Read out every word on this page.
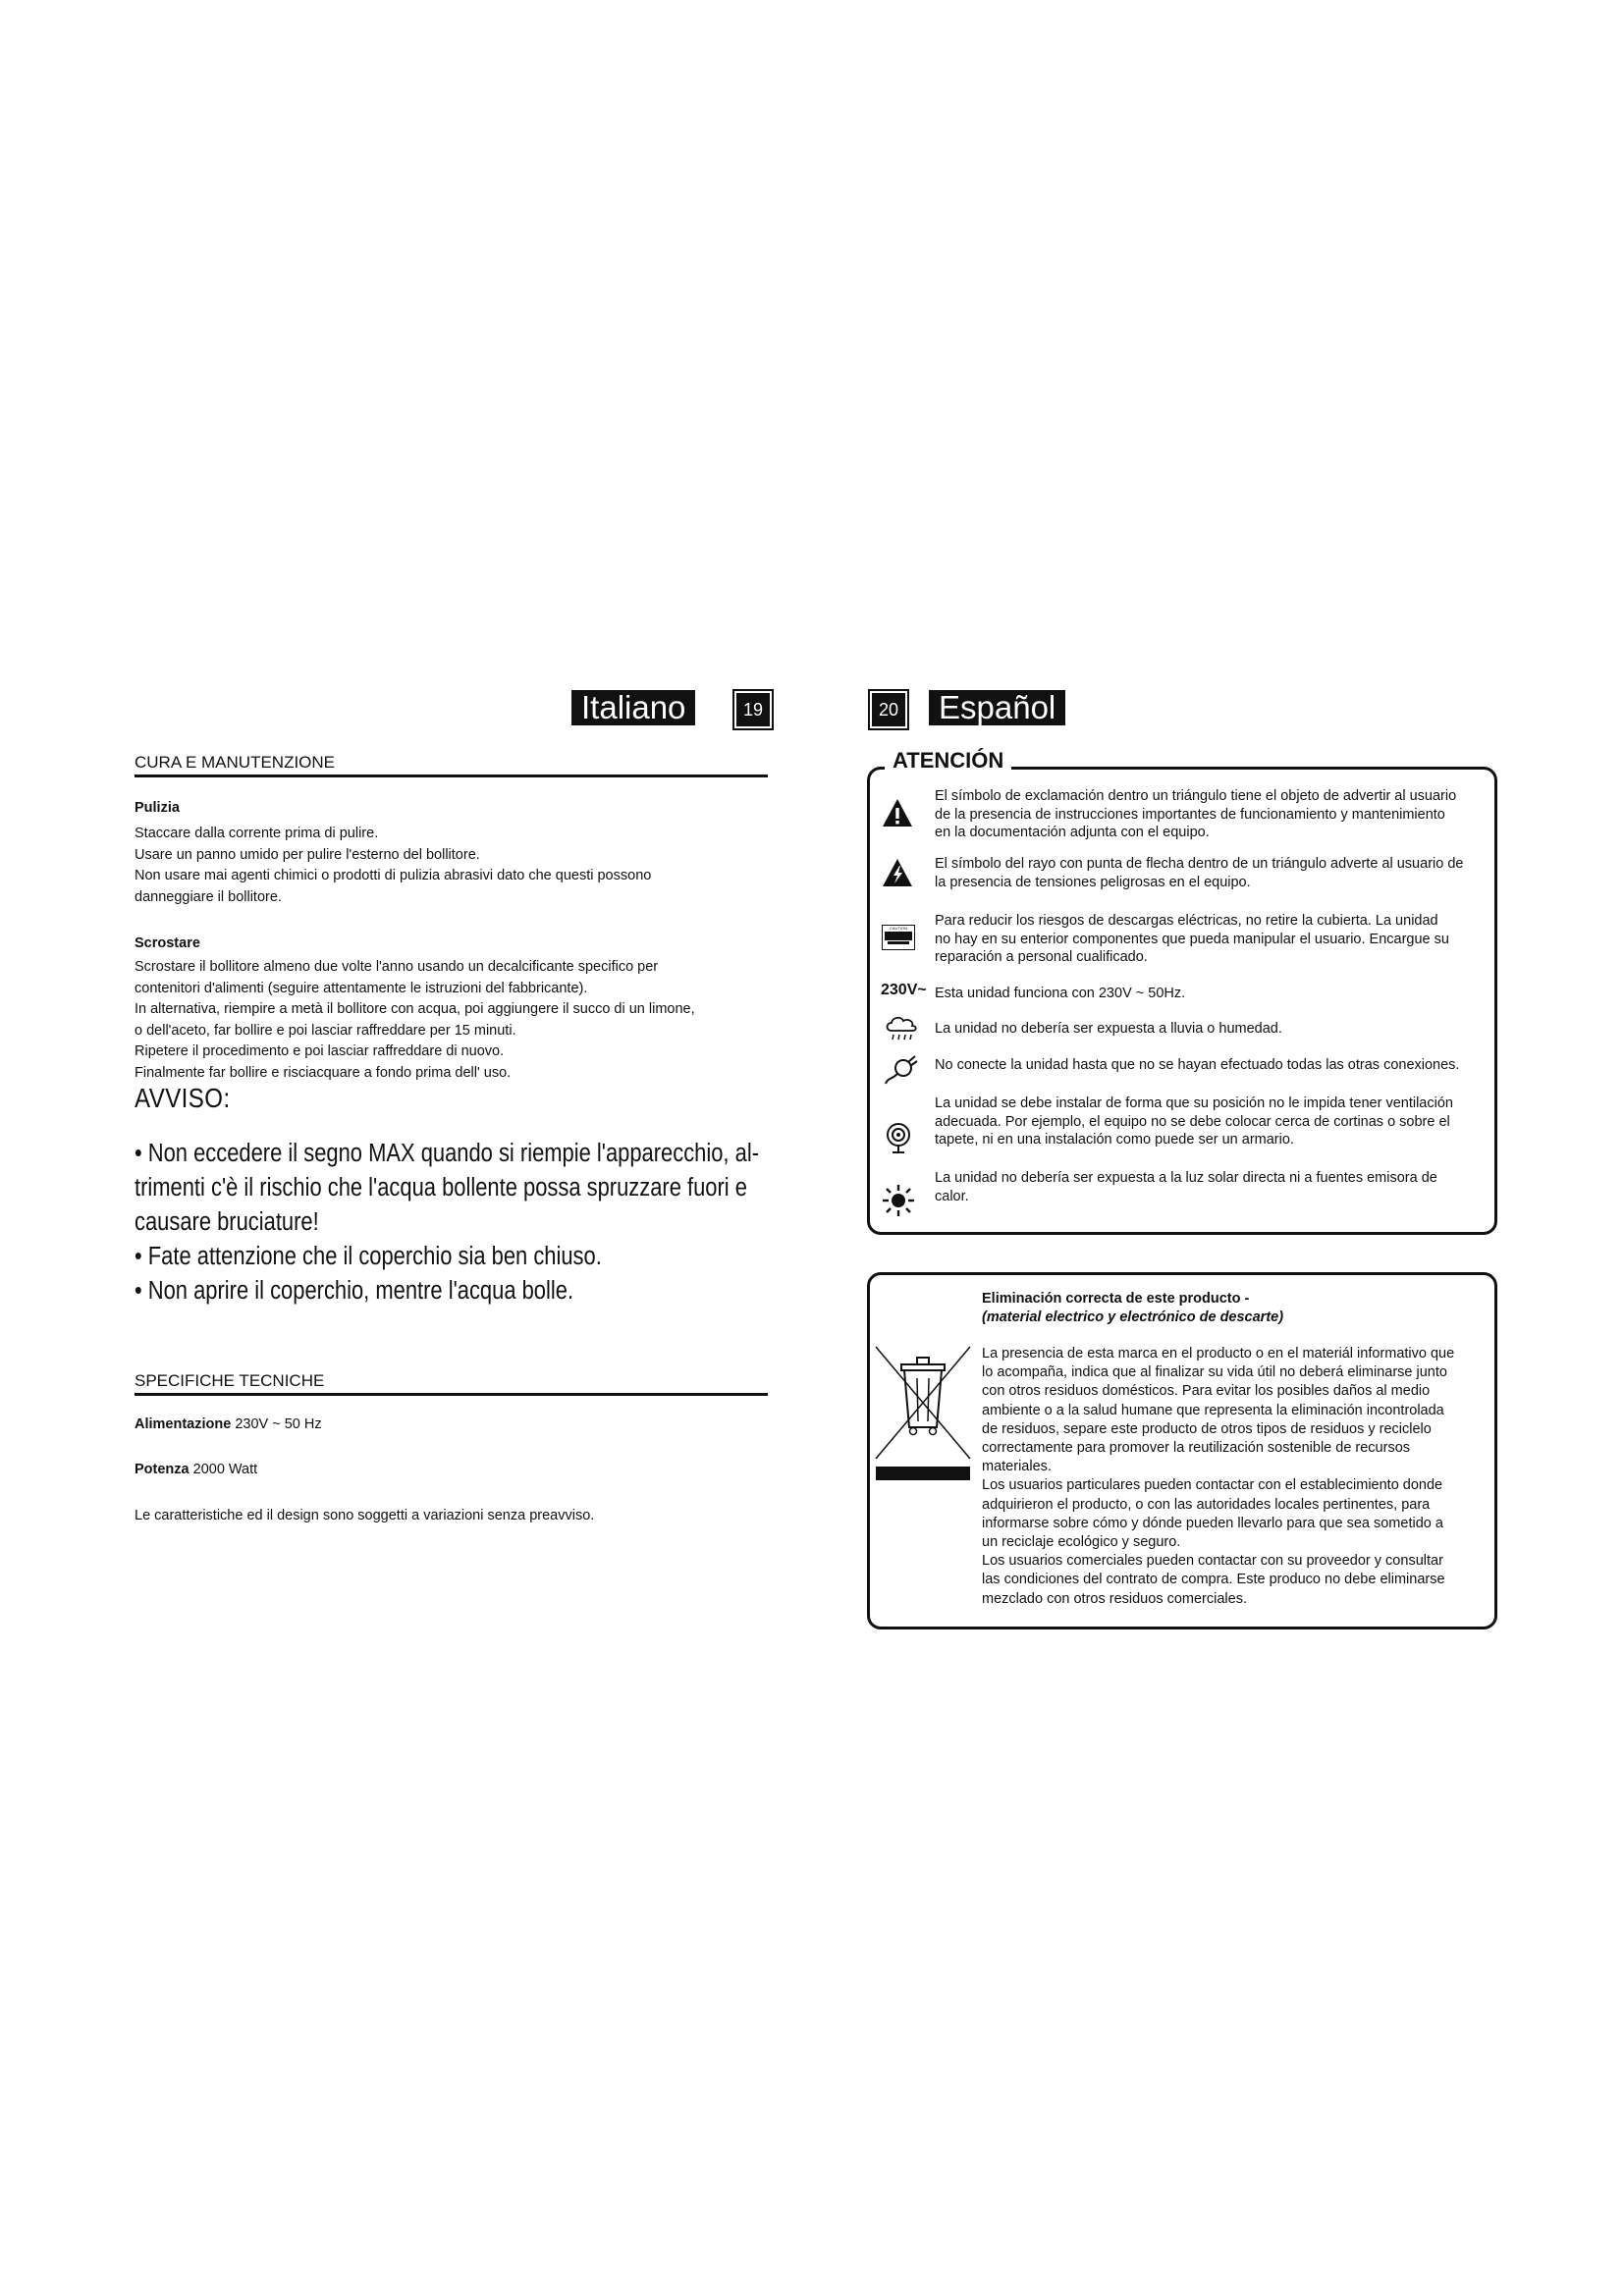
Italiano	19	20	Español
CURA E MANUTENZIONE
Pulizia

Staccare dalla corrente prima di pulire.

Usare un panno umido per pulire l'esterno del bollitore.

Non usare mai agenti chimici o prodotti di pulizia abrasivi dato che questi possono

danneggiare il bollitore.

Scrostare

Scrostare il bollitore almeno due volte l'anno usando un decalcificante specifico per

contenitori d'alimenti (seguire attentamente le istruzioni del fabbricante).

In alternativa, riempire a metà il bollitore con acqua, poi aggiungere il succo di un limone,

o dell'aceto, far bollire e poi lasciar raffreddare per 15 minuti.

Ripetere il procedimento e poi lasciar raffreddare di nuovo.

Finalmente far bollire e risciacquare a fondo prima dell' uso.

AVVISO:

• Non eccedere il segno MAX quando si riempie l'apparecchio, al-

trimenti c'è il rischio che l'acqua bollente possa spruzzare fuori e

causare bruciature!

• Fate attenzione che il coperchio sia ben chiuso.

• Non aprire il coperchio, mentre l'acqua bolle.

SPECIFICHE TECNICHE
Alimentazione 230V ~ 50 Hz
Potenza 2000 Watt
Le caratteristiche ed il design sono soggetti a variazioni senza preavviso.
ATENCIÓN

El símbolo de exclamación dentro un triángulo tiene el objeto de advertir al usuario

de la presencia de instrucciones importantes de funcionamiento y mantenimiento

en la documentación adjunta con el equipo.

El símbolo del rayo con punta de flecha dentro de un triángulo adverte al usuario de

la presencia de tensiones peligrosas en el equipo.

CAUTION	Para reducir los riesgos de descargas eléctricas, no retire la cubierta. La unidad

no hay en su enterior componentes que pueda manipular el usuario. Encargue su

reparación a personal cualificado.

230V~ Esta unidad funciona con 230V ~ 50Hz.

La unidad no debería ser expuesta a lluvia o humedad.

No conecte la unidad hasta que no se hayan efectuado todas las otras conexiones.

La unidad se debe instalar de forma que su posición no le impida tener ventilación

adecuada. Por ejemplo, el equipo no se debe colocar cerca de cortinas o sobre el

tapete, ni en una instalación como puede ser un armario.

La unidad no debería ser expuesta a la luz solar directa ni a fuentes emisora de

calor.

Eliminación correcta de este producto -
(material electrico y electrónico de descarte)

La presencia de esta marca en el producto o en el materiál informativo que

lo acompaña, indica que al finalizar su vida útil no deberá eliminarse junto

con otros residuos domésticos. Para evitar los posibles daños al medio

ambiente o a la salud humane que representa la eliminación incontrolada

de residuos, separe este producto de otros tipos de residuos y reciclelo

correctamente para promover la reutilización sostenible de recursos

materiales.

Los usuarios particulares pueden contactar con el establecimiento donde

adquirieron el producto, o con las autoridades locales pertinentes, para

informarse sobre cómo y dónde pueden llevarlo para que sea sometido a

un reciclaje ecológico y seguro.

Los usuarios comerciales pueden contactar con su proveedor y consultar

las condiciones del contrato de compra. Este produco no debe eliminarse

mezclado con otros residuos comerciales.
